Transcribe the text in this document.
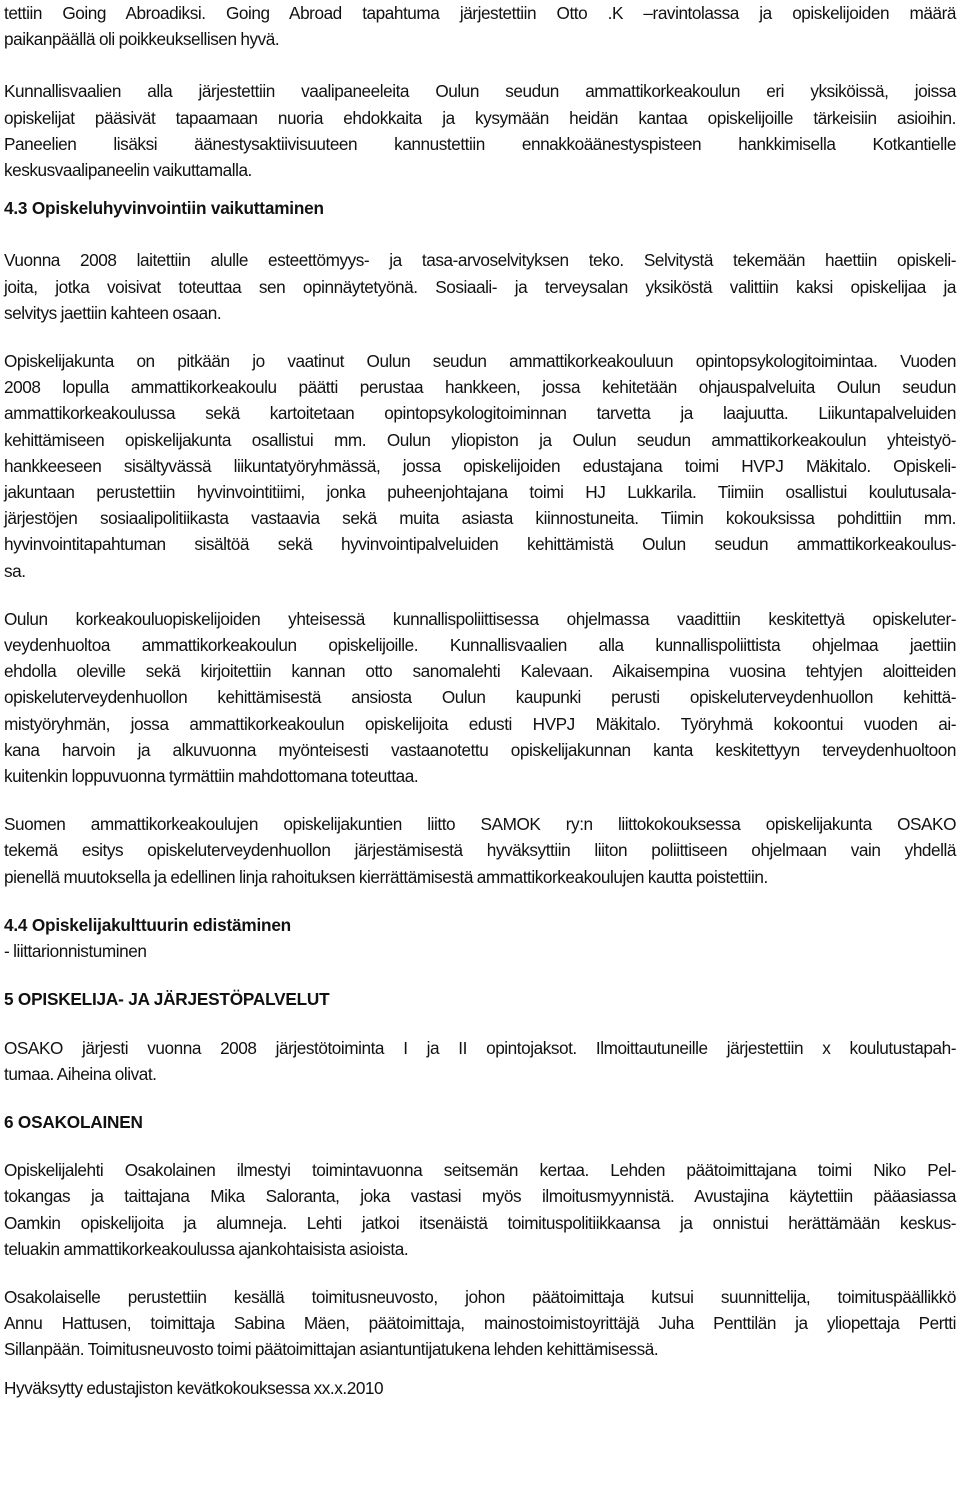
tettiin Going Abroadiksi. Going Abroad tapahtuma järjestettiin Otto .K –ravintolassa ja opiskelijoiden määrä
paikanpäällä oli poikkeuksellisen hyvä.
Kunnallisvaalien alla järjestettiin vaalipaneeleita Oulun seudun ammattikorkeakoulun eri yksiköissä, joissa
opiskelijat pääsivät tapaamaan nuoria ehdokkaita ja kysymään heidän kantaa opiskelijoille tärkeisiin asioihin.
Paneelien lisäksi äänestysaktiivisuuteen kannustettiin ennakkoäänestyspisteen hankkimisella Kotkantielle
keskusvaalipaneelin vaikuttamalla.
4.3 Opiskeluhyvinvointiin vaikuttaminen
Vuonna 2008 laitettiin alulle esteettömyys- ja tasa-arvoselvityksen teko. Selvitystä tekemään haettiin opiskeli-
joita, jotka voisivat toteuttaa sen opinnäytetyönä. Sosiaali- ja terveysalan yksiköstä valittiin kaksi opiskelijaa ja
selvitys jaettiin kahteen osaan.
Opiskelijakunta on pitkään jo vaatinut Oulun seudun ammattikorkeakouluun opintopsykologitoimintaa. Vuoden
2008 lopulla ammattikorkeakoulu päätti perustaa hankkeen, jossa kehitetään ohjauspalveluita Oulun seudun
ammattikorkeakoulussa sekä kartoitetaan opintopsykologitoiminnan tarvetta ja laajuutta. Liikuntapalveluiden
kehittämiseen opiskelijakunta osallistui mm. Oulun yliopiston ja Oulun seudun ammattikorkeakoulun yhteistyö-
hankkeeseen sisältyvässä liikuntatyöryhmässä, jossa opiskelijoiden edustajana toimi HVPJ Mäkitalo. Opiskeli-
jakuntaan perustettiin hyvinvointitiimi, jonka puheenjohtajana toimi HJ Lukkarila. Tiimiin osallistui koulutusala-
järjestöjen sosiaalipolitiikasta vastaavia sekä muita asiasta kiinnostuneita. Tiimin kokouksissa pohdittiin mm.
hyvinvointitapahtuman sisältöä sekä hyvinvointipalveluiden kehittämistä Oulun seudun ammattikorkeakoulus-
sa.
Oulun korkeakouluopiskelijoiden yhteisessä kunnallispoliittisessa ohjelmassa vaadittiin keskitettyä opiskeluter-
veydenhuoltoa ammattikorkeakoulun opiskelijoille. Kunnallisvaalien alla kunnallispoliittista ohjelmaa jaettiin
ehdolla oleville sekä kirjoitettiin kannan otto sanomalehti Kalevaan. Aikaisempina vuosina tehtyjen aloitteiden
opiskeluterveydenhuollon kehittämisestä ansiosta Oulun kaupunki perusti opiskeluterveydenhuollon kehittä-
mistyöryhmän, jossa ammattikorkeakoulun opiskelijoita edusti HVPJ Mäkitalo. Työryhmä kokoontui vuoden ai-
kana harvoin ja alkuvuonna myönteisesti vastaanotettu opiskelijakunnan kanta keskitettyyn terveydenhuoltoon
kuitenkin loppuvuonna tyrmättiin mahdottomana toteuttaa.
Suomen ammattikorkeakoulujen opiskelijakuntien liitto SAMOK ry:n liittokokouksessa opiskelijakunta OSAKO
tekemä esitys opiskeluterveydenhuollon järjestämisestä hyväksyttiin liiton poliittiseen ohjelmaan vain yhdellä
pienellä muutoksella ja edellinen linja rahoituksen kierrättämisestä ammattikorkeakoulujen kautta poistettiin.
4.4 Opiskelijakulttuurin edistäminen
- liittarionnistuminen
5 OPISKELIJA- JA JÄRJESTÖPALVELUT
OSAKO järjesti vuonna 2008 järjestötoiminta I ja II opintojaksot. Ilmoittautuneille järjestettiin x koulutustapah-
tumaa. Aiheina olivat.
6 OSAKOLAINEN
Opiskelijalehti Osakolainen ilmestyi toimintavuonna seitsemän kertaa. Lehden päätoimittajana toimi Niko Pel-
tokangas ja taittajana Mika Saloranta, joka vastasi myös ilmoitusmyynnistä. Avustajina käytettiin pääasiassa
Oamkin opiskelijoita ja alumneja. Lehti jatkoi itsenäistä toimituspolitiikkaansa ja onnistui herättämään keskus-
teluakin ammattikorkeakoulussa ajankohtaisista asioista.
Osakolaiselle perustettiin kesällä toimitusneuvosto, johon päätoimittaja kutsui suunnittelija, toimituspäällikkö
Annu Hattusen, toimittaja Sabina Mäen, päätoimittaja, mainostoimistoyrittäjä Juha Penttilän ja yliopettaja Pertti
Sillanpään. Toimitusneuvosto toimi päätoimittajan asiantuntijatukena lehden kehittämisessä.
Hyväksytty edustajiston kevätkokouksessa xx.x.2010
